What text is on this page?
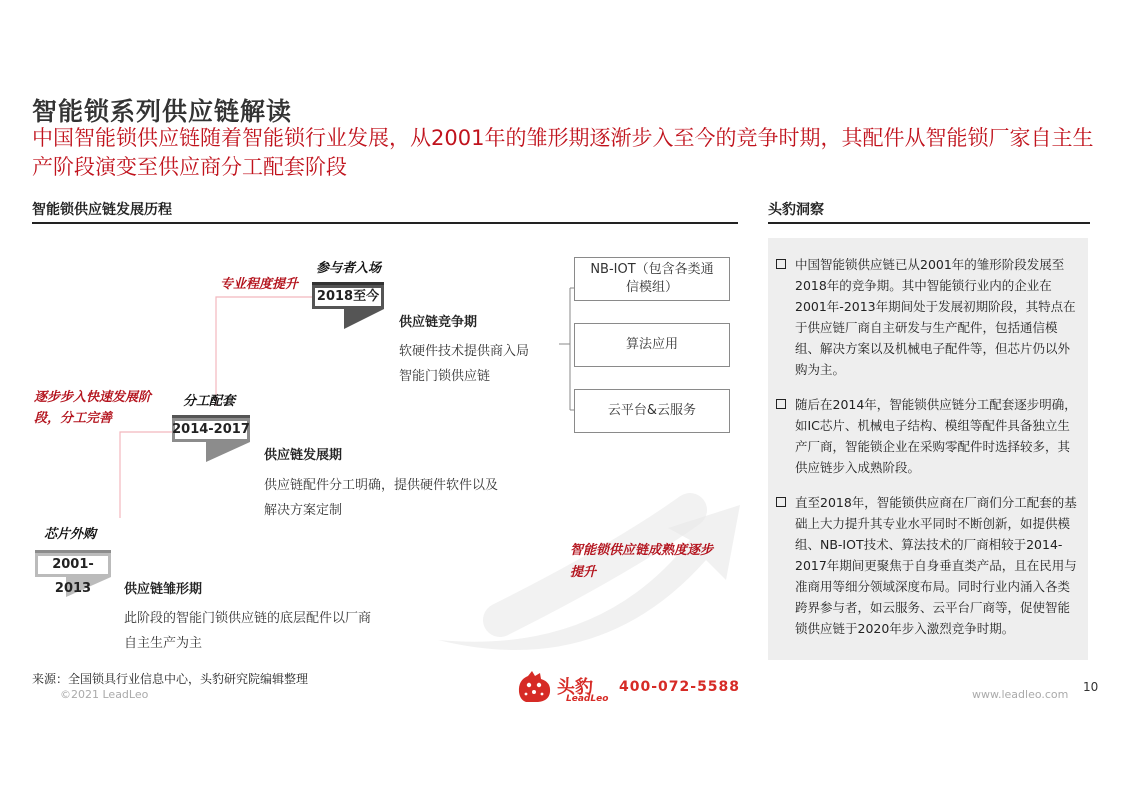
智能锁系列供应链解读
中国智能锁供应链随着智能锁行业发展，从2001年的雏形期逐渐步入至今的竞争时期，其配件从智能锁厂家自主生产阶段演变至供应商分工配套阶段
智能锁供应链发展历程	头豹洞察
2001-2013
2014-2017
2018至今
芯片外购
分工配套
参与者入场
专业程度提升
逐步步入快速发展阶段，分工完善
智能锁供应链成熟度逐步提升
供应链雏形期
供应链发展期
供应链竞争期
此阶段的智能门锁供应链的底层配件以厂商
自主生产为主
供应链配件分工明确，提供硬件软件以及
解决方案定制
软硬件技术提供商入局
智能门锁供应链
NB-IOT（包含各类通信模组）
算法应用
云平台&云服务
中国智能锁供应链已从2001年的雏形阶段发展至2018年的竞争期。其中智能锁行业内的企业在2001年-2013年期间处于发展初期阶段，其特点在于供应链厂商自主研发与生产配件，包括通信模组、解决方案以及机械电子配件等，但芯片仍以外购为主。
随后在2014年，智能锁供应链分工配套逐步明确，如IC芯片、机械电子结构、模组等配件具备独立生产厂商，智能锁企业在采购零配件时选择较多，其供应链步入成熟阶段。
直至2018年，智能锁供应商在厂商们分工配套的基础上大力提升其专业水平同时不断创新，如提供模组、NB-IOT技术、算法技术的厂商相较于2014-2017年期间更聚焦于自身垂直类产品，且在民用与准商用等细分领域深度布局。同时行业内涌入各类跨界参与者，如云服务、云平台厂商等，促使智能锁供应链于2020年步入激烈竞争时期。
来源：全国锁具行业信息中心，头豹研究院编辑整理
©2021 LeadLeo	头豹
LeadLeo
400-072-5588	www.leadleo.com
10
